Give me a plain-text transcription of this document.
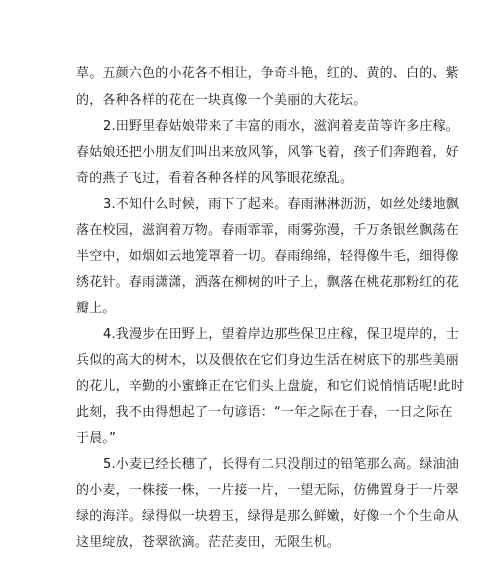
草。五颜六色的小花各不相让，争奇斗艳，红的、黄的、白的、紫
的，各种各样的花在一块真像一个美丽的大花坛。
2.田野里春姑娘带来了丰富的雨水，滋润着麦苗等许多庄稼。
春姑娘还把小朋友们叫出来放风筝，风筝飞着，孩子们奔跑着，好
奇的燕子飞过，看着各种各样的风筝眼花缭乱。
3.不知什么时候，雨下了起来。春雨淋淋沥沥，如丝处缕地飘
落在校园，滋润着万物。春雨霏霏，雨雾弥漫，千万条银丝飘荡在
半空中，如烟如云地笼罩着一切。春雨绵绵，轻得像牛毛，细得像
绣花针。春雨潇潇，洒落在柳树的叶子上，飘落在桃花那粉红的花
瓣上。
4.我漫步在田野上，望着岸边那些保卫庄稼，保卫堤岸的，士
兵似的高大的树木，以及偎依在它们身边生活在树底下的那些美丽
的花儿，辛勤的小蜜蜂正在它们头上盘旋，和它们说悄悄话呢!此时
此刻，我不由得想起了一句谚语：“一年之际在于春，一日之际在
于晨。”
5.小麦已经长穗了，长得有二只没削过的铅笔那么高。绿油油
的小麦，一株接一株，一片接一片，一望无际，仿佛置身于一片翠
绿的海洋。绿得似一块碧玉，绿得是那么鲜嫩，好像一个个生命从
这里绽放，苍翠欲滴。茫茫麦田，无限生机。
